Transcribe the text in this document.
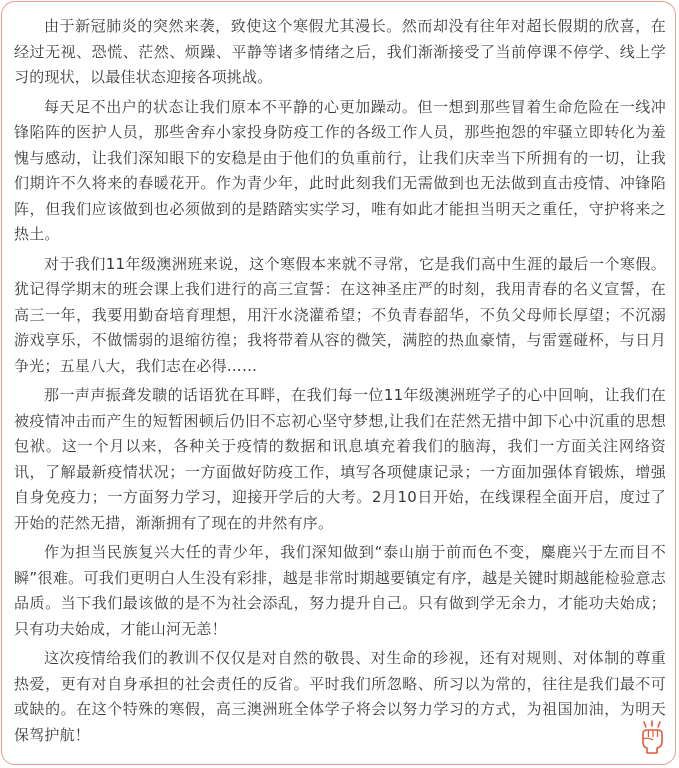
由于新冠肺炎的突然来袭，致使这个寒假尤其漫长。然而却没有往年对超长假期的欣喜，在经过无视、恐慌、茫然、烦躁、平静等诸多情绪之后，我们渐渐接受了当前停课不停学、线上学习的现状，以最佳状态迎接各项挑战。

每天足不出户的状态让我们原本不平静的心更加躁动。但一想到那些冒着生命危险在一线冲锋陷阵的医护人员，那些舍弃小家投身防疫工作的各级工作人员，那些抱怨的牢骚立即转化为羞愧与感动，让我们深知眼下的安稳是由于他们的负重前行，让我们庆幸当下所拥有的一切，让我们期许不久将来的春暖花开。作为青少年，此时此刻我们无需做到也无法做到直击疫情、冲锋陷阵，但我们应该做到也必须做到的是踏踏实实学习，唯有如此才能担当明天之重任，守护将来之热土。

对于我们11年级澳洲班来说，这个寒假本来就不寻常，它是我们高中生涯的最后一个寒假。犹记得学期末的班会课上我们进行的高三宣誓：在这神圣庄严的时刻，我用青春的名义宣誓，在高三一年，我要用勤奋培育理想，用汗水浇灌希望；不负青春韶华，不负父母师长厚望；不沉溺游戏享乐，不做懦弱的退缩彷徨；我将带着从容的微笑，满腔的热血豪情，与雷霆碰杯，与日月争光；五星八大，我们志在必得……

那一声声振聋发聩的话语犹在耳畔，在我们每一位11年级澳洲班学子的心中回响，让我们在被疫情冲击而产生的短暂困顿后仍旧不忘初心坚守梦想,让我们在茫然无措中卸下心中沉重的思想包袱。这一个月以来，各种关于疫情的数据和讯息填充着我们的脑海，我们一方面关注网络资讯，了解最新疫情状况；一方面做好防疫工作，填写各项健康记录；一方面加强体育锻炼，增强自身免疫力；一方面努力学习，迎接开学后的大考。2月10日开始，在线课程全面开启，度过了开始的茫然无措，渐渐拥有了现在的井然有序。

作为担当民族复兴大任的青少年，我们深知做到“泰山崩于前而色不变，麋鹿兴于左而目不瞬”很难。可我们更明白人生没有彩排，越是非常时期越要镇定有序，越是关键时期越能检验意志品质。当下我们最该做的是不为社会添乱，努力提升自己。只有做到学无余力，才能功夫始成；只有功夫始成，才能山河无恙！

这次疫情给我们的教训不仅仅是对自然的敬畏、对生命的珍视，还有对规则、对体制的尊重热爱，更有对自身承担的社会责任的反省。平时我们所忽略、所习以为常的，往往是我们最不可或缺的。在这个特殊的寒假，高三澳洲班全体学子将会以努力学习的方式，为祖国加油，为明天保驾护航！
